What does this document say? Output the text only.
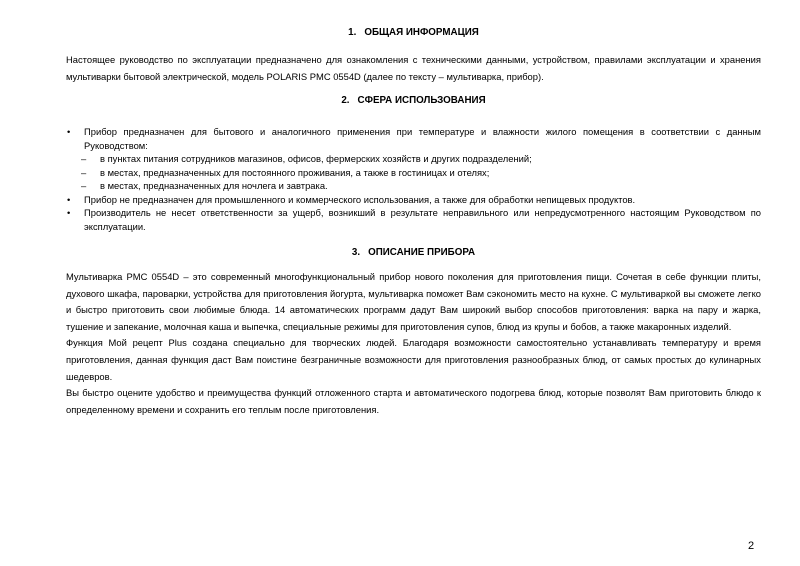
1. ОБЩАЯ ИНФОРМАЦИЯ

Настоящее руководство по эксплуатации предназначено для ознакомления с техническими данными, устройством, правилами эксплуатации и хранения мультиварки бытовой электрической, модель POLARIS PMC 0554D (далее по тексту – мультиварка, прибор).

2. СФЕРА ИСПОЛЬЗОВАНИЯ
• Прибор предназначен для бытового и аналогичного применения при температуре и влажности жилого помещения в соответствии с данным Руководством:
– в пунктах питания сотрудников магазинов, офисов, фермерских хозяйств и других подразделений;
– в местах, предназначенных для постоянного проживания, а также в гостиницах и отелях;
– в местах, предназначенных для ночлега и завтрака.
• Прибор не предназначен для промышленного и коммерческого использования, а также для обработки непищевых продуктов.
• Производитель не несет ответственности за ущерб, возникший в результате неправильного или непредусмотренного настоящим Руководством по эксплуатации.
3. ОПИСАНИЕ ПРИБОРА

Мультиварка PMC 0554D – это современный многофункциональный прибор нового поколения для приготовления пищи. Сочетая в себе функции плиты, духового шкафа, пароварки, устройства для приготовления йогурта, мультиварка поможет Вам сэкономить место на кухне. С мультиваркой вы сможете легко и быстро приготовить свои любимые блюда. 14 автоматических программ дадут Вам широкий выбор способов приготовления: варка на пару и жарка, тушение и запекание, молочная каша и выпечка, специальные режимы для приготовления супов, блюд из крупы и бобов, а также макаронных изделий.

Функция Мой рецепт Plus создана специально для творческих людей. Благодаря возможности самостоятельно устанавливать температуру и время приготовления, данная функция даст Вам поистине безграничные возможности для приготовления разнообразных блюд, от самых простых до кулинарных шедевров.

Вы быстро оцените удобство и преимущества функций отложенного старта и автоматического подогрева блюд, которые позволят Вам приготовить блюдо к определенному времени и сохранить его теплым после приготовления.

2
